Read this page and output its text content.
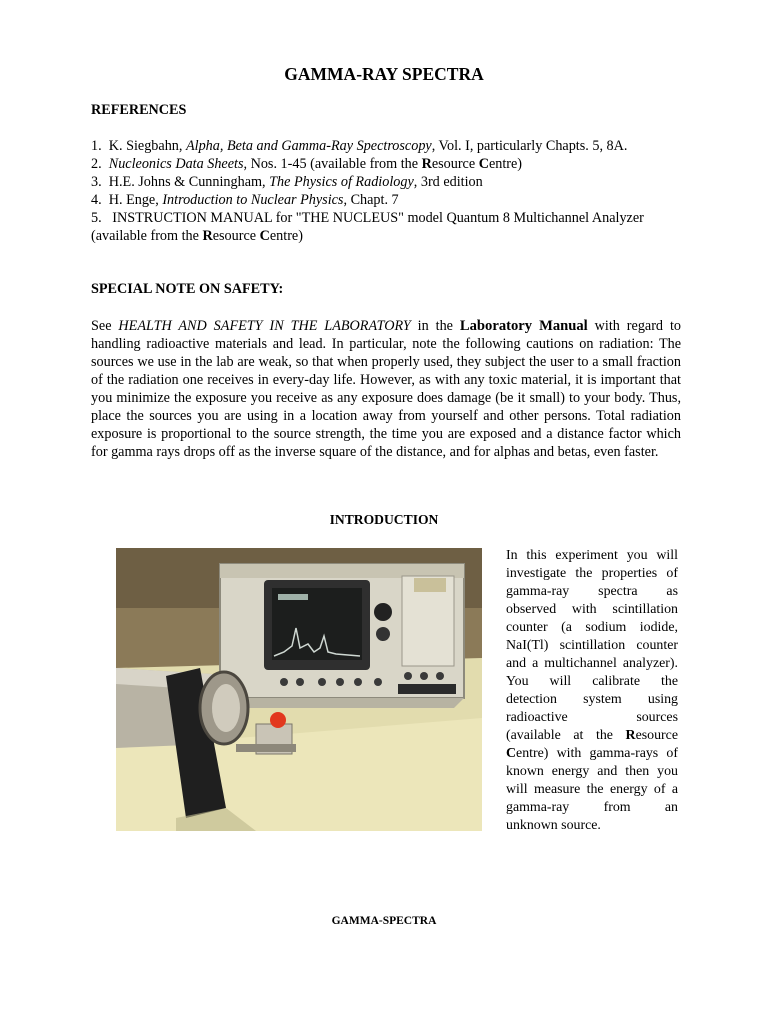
GAMMA-RAY SPECTRA
REFERENCES
1. K. Siegbahn, Alpha, Beta and Gamma-Ray Spectroscopy, Vol. I, particularly Chapts. 5, 8A.
2. Nucleonics Data Sheets, Nos. 1-45 (available from the Resource Centre)
3. H.E. Johns & Cunningham, The Physics of Radiology, 3rd edition
4. H. Enge, Introduction to Nuclear Physics, Chapt. 7
5. INSTRUCTION MANUAL for "THE NUCLEUS" model Quantum 8 Multichannel Analyzer
(available from the Resource Centre)
SPECIAL NOTE ON SAFETY:
See HEALTH AND SAFETY IN THE LABORATORY in the Laboratory Manual with regard to handling radioactive materials and lead. In particular, note the following cautions on radiation: The sources we use in the lab are weak, so that when properly used, they subject the user to a small fraction of the radiation one receives in every-day life. However, as with any toxic material, it is important that you minimize the exposure you receive as any exposure does damage (be it small) to your body. Thus, place the sources you are using in a location away from yourself and other persons. Total radiation exposure is proportional to the source strength, the time you are exposed and a distance factor which for gamma rays drops off as the inverse square of the distance, and for alphas and betas, even faster.
INTRODUCTION
In this experiment you will
investigate the properties of
gamma-ray spectra as
observed with scintillation
counter (a sodium iodide,
NaI(Tl) scintillation counter
and a multichannel analyzer).
You will calibrate the
detection system using
radioactive sources
(available at the Resource
Centre) with gamma-rays of
known energy and then you
will measure the energy of a
gamma-ray from an
unknown source.
GAMMA-SPECTRA
